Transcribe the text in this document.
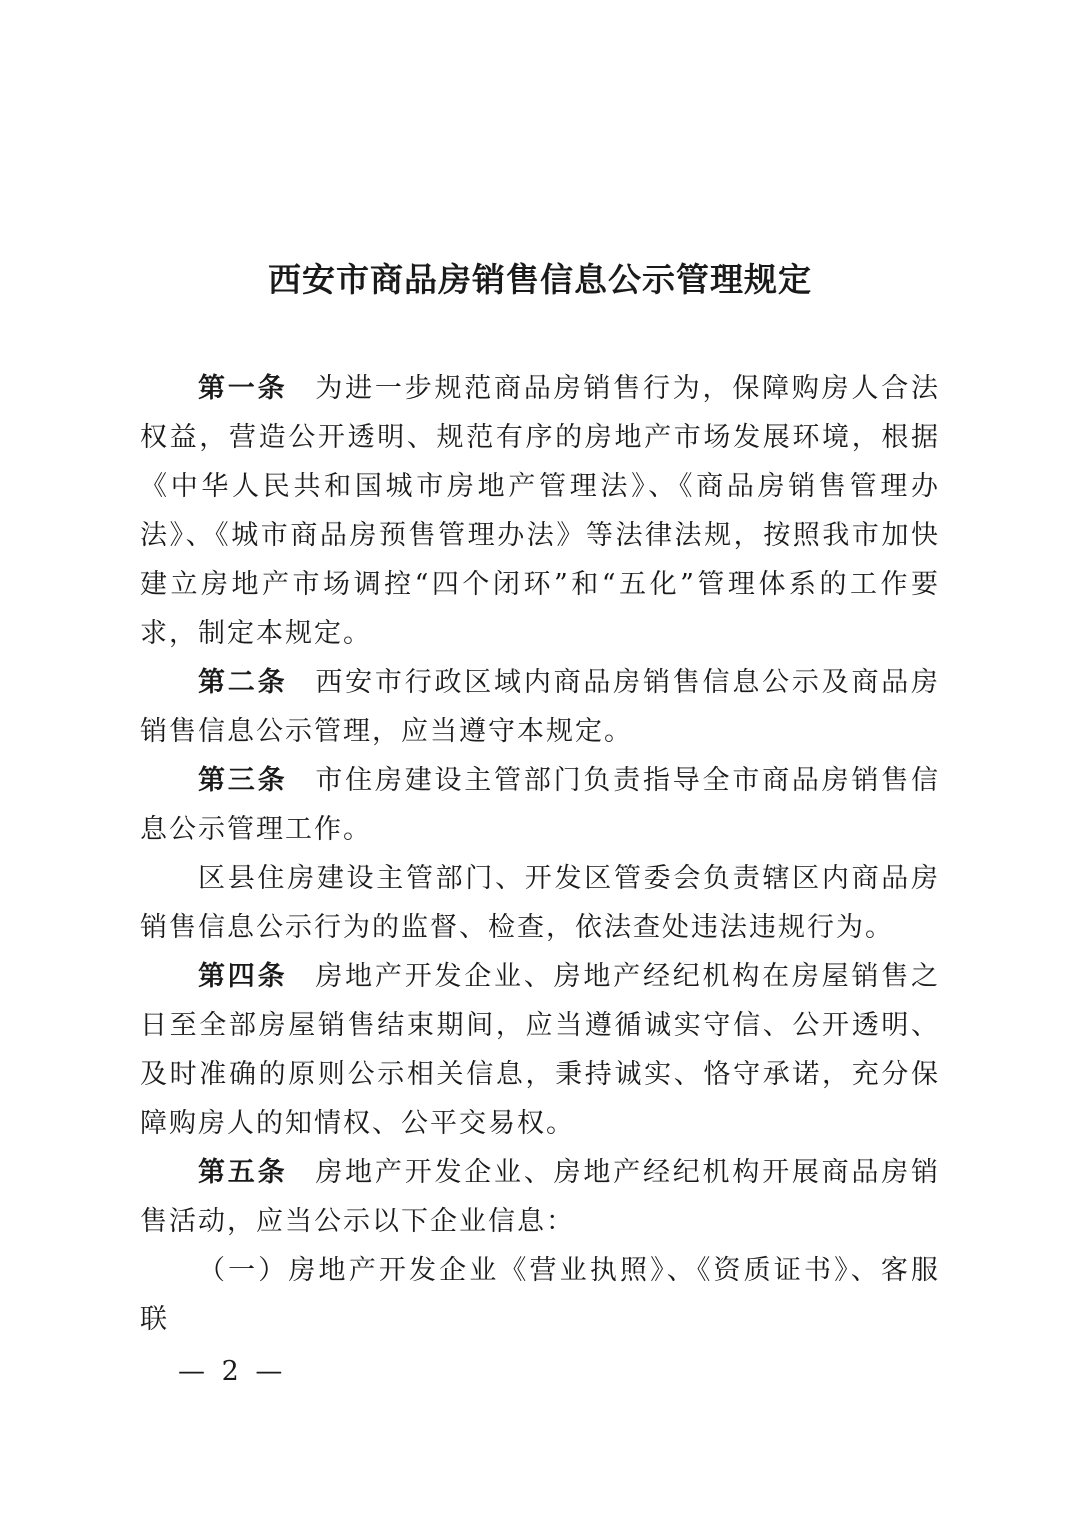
西安市商品房销售信息公示管理规定

第一条 为进一步规范商品房销售行为，保障购房人合法权益，营造公开透明、规范有序的房地产市场发展环境，根据《中华人民共和国城市房地产管理法》、《商品房销售管理办法》、《城市商品房预售管理办法》等法律法规，按照我市加快建立房地产市场调控“四个闭环”和“五化”管理体系的工作要求，制定本规定。

第二条 西安市行政区域内商品房销售信息公示及商品房销售信息公示管理，应当遵守本规定。

第三条 市住房建设主管部门负责指导全市商品房销售信息公示管理工作。

区县住房建设主管部门、开发区管委会负责辖区内商品房销售信息公示行为的监督、检查，依法查处违法违规行为。

第四条 房地产开发企业、房地产经纪机构在房屋销售之日至全部房屋销售结束期间，应当遵循诚实守信、公开透明、及时准确的原则公示相关信息，秉持诚实、恪守承诺，充分保障购房人的知情权、公平交易权。

第五条 房地产开发企业、房地产经纪机构开展商品房销售活动，应当公示以下企业信息：

（一）房地产开发企业《营业执照》、《资质证书》、客服联

— 2 —
